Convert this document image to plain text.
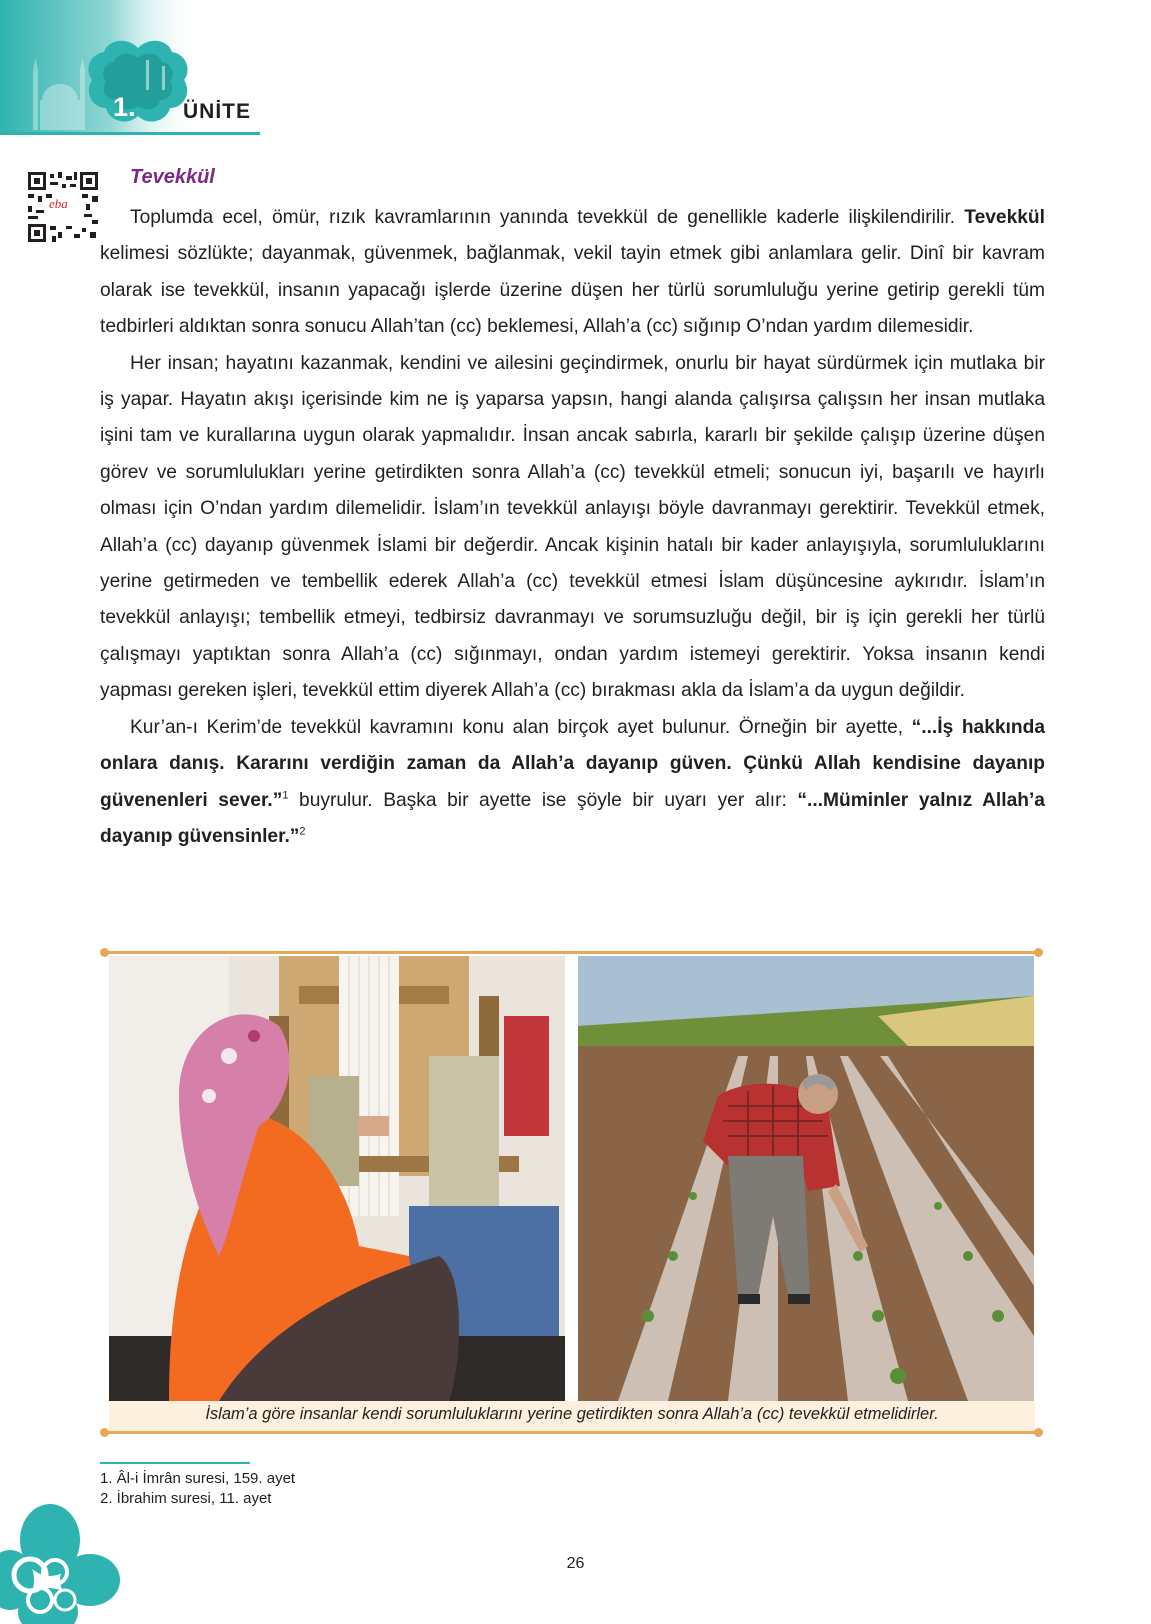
1. ÜNİTE
eba
Tevekkül

Toplumda ecel, ömür, rızık kavramlarının yanında tevekkül de genellikle kaderle ilişkilendirilir. Tevekkül kelimesi sözlükte; dayanmak, güvenmek, bağlanmak, vekil tayin etmek gibi anlamlara gelir. Dinî bir kavram olarak ise tevekkül, insanın yapacağı işlerde üzerine düşen her türlü sorumluluğu yerine getirip gerekli tüm tedbirleri aldıktan sonra sonucu Allah’tan (cc) beklemesi, Allah’a (cc) sığınıp O’ndan yardım dilemesidir.

Her insan; hayatını kazanmak, kendini ve ailesini geçindirmek, onurlu bir hayat sürdürmek için mutlaka bir iş yapar. Hayatın akışı içerisinde kim ne iş yaparsa yapsın, hangi alanda çalışırsa çalışsın her insan mutlaka işini tam ve kurallarına uygun olarak yapmalıdır. İnsan ancak sabırla, kararlı bir şekilde çalışıp üzerine düşen görev ve sorumlulukları yerine getirdikten sonra Allah’a (cc) tevekkül etmeli; sonucun iyi, başarılı ve hayırlı olması için O’ndan yardım dilemelidir. İslam’ın tevekkül anlayışı böyle davranmayı gerektirir. Tevekkül etmek, Allah’a (cc) dayanıp güvenmek İslami bir değerdir. Ancak kişinin hatalı bir kader anlayışıyla, sorumluluklarını yerine getirmeden ve tembellik ederek Allah’a (cc) tevekkül etmesi İslam düşüncesine aykırıdır. İslam’ın tevekkül anlayışı; tembellik etmeyi, tedbirsiz davranmayı ve sorumsuzluğu değil, bir iş için gerekli her türlü çalışmayı yaptıktan sonra Allah’a (cc) sığınmayı, ondan yardım istemeyi gerektirir. Yoksa insanın kendi yapması gereken işleri, tevekkül ettim diyerek Allah’a (cc) bırakması akla da İslam’a da uygun değildir.

Kur’an-ı Kerim’de tevekkül kavramını konu alan birçok ayet bulunur. Örneğin bir ayette, “...İş hakkında onlara danış. Kararını verdiğin zaman da Allah’a dayanıp güven. Çünkü Allah kendisine dayanıp güvenenleri sever.”$^1$ buyrulur. Başka bir ayette ise şöyle bir uyarı yer alır: “...Müminler yalnız Allah’a dayanıp güvensinler.”$^2$

İslam’a göre insanlar kendi sorumluluklarını yerine getirdikten sonra Allah’a (cc) tevekkül etmelidirler.
1. Âl-i İmrân suresi, 159. ayet
2. İbrahim suresi, 11. ayet
26
